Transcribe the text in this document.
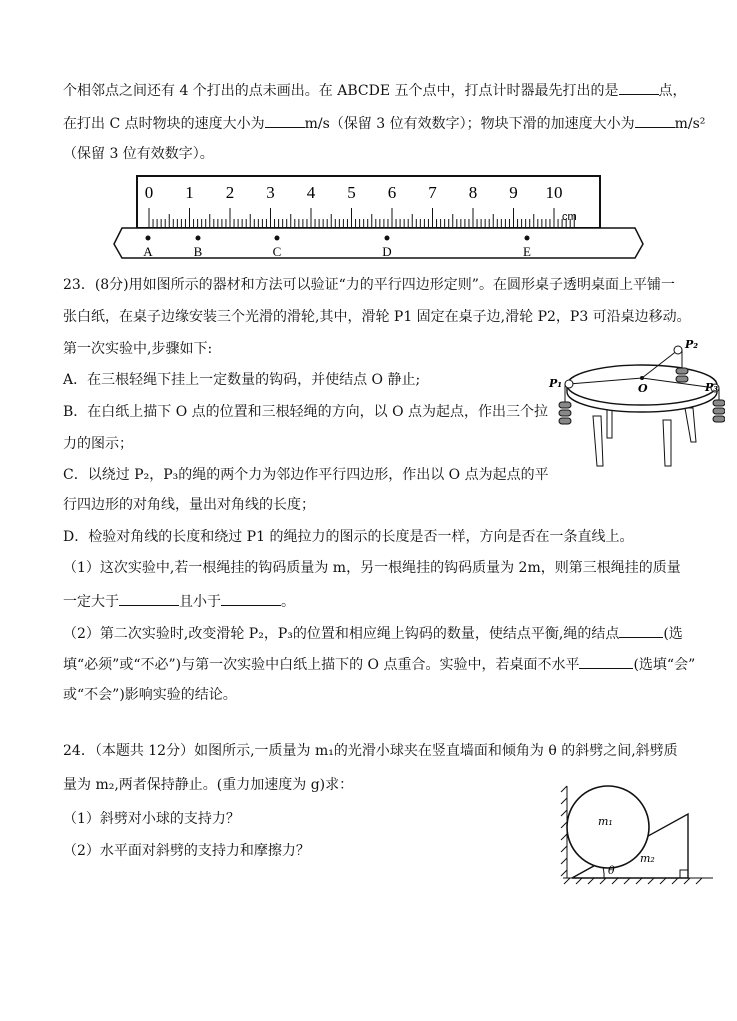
个相邻点之间还有 4 个打出的点未画出。在 ABCDE 五个点中，打点计时器最先打出的是	点，
在打出 C 点时物块的速度大小为	m/s（保留 3 位有效数字）；物块下滑的加速度大小为	m/s²
（保留 3 位有效数字）。
0 1 2 3 4 5 6 7 8 9 10
cm
A	B	C	D	E
23．(8分)用如图所示的器材和方法可以验证“力的平行四边形定则”。在圆形桌子透明桌面上平铺一
张白纸，在桌子边缘安装三个光滑的滑轮,其中，滑轮 P1 固定在桌子边,滑轮 P2，P3 可沿桌边移动。
第一次实验中,步骤如下:
A．在三根轻绳下挂上一定数量的钩码，并使结点 O 静止;
B．在白纸上描下 O 点的位置和三根轻绳的方向，以 O 点为起点，作出三个拉
力的图示；
C．以绕过 P₂，P₃的绳的两个力为邻边作平行四边形，作出以 O 点为起点的平
行四边形的对角线，量出对角线的长度；
D．检验对角线的长度和绕过 P1 的绳拉力的图示的长度是否一样，方向是否在一条直线上。
（1）这次实验中,若一根绳挂的钩码质量为 m，另一根绳挂的钩码质量为 2m，则第三根绳挂的质量
一定大于	且小于	。
（2）第二次实验时,改变滑轮 P₂，P₃的位置和相应绳上钩码的数量，使结点平衡,绳的结点	(选
填“必须”或“不必”)与第一次实验中白纸上描下的 O 点重合。实验中，若桌面不水平	(选填“会”
或“不会”)影响实验的结论。
P₁
P₂
P₃
O
24．（本题共 12分）如图所示,一质量为 m₁的光滑小球夹在竖直墙面和倾角为 θ 的斜劈之间,斜劈质
量为 m₂,两者保持静止。(重力加速度为 g)求：
（1）斜劈对小球的支持力？
（2）水平面对斜劈的支持力和摩擦力？
m₁
m₂
θ
